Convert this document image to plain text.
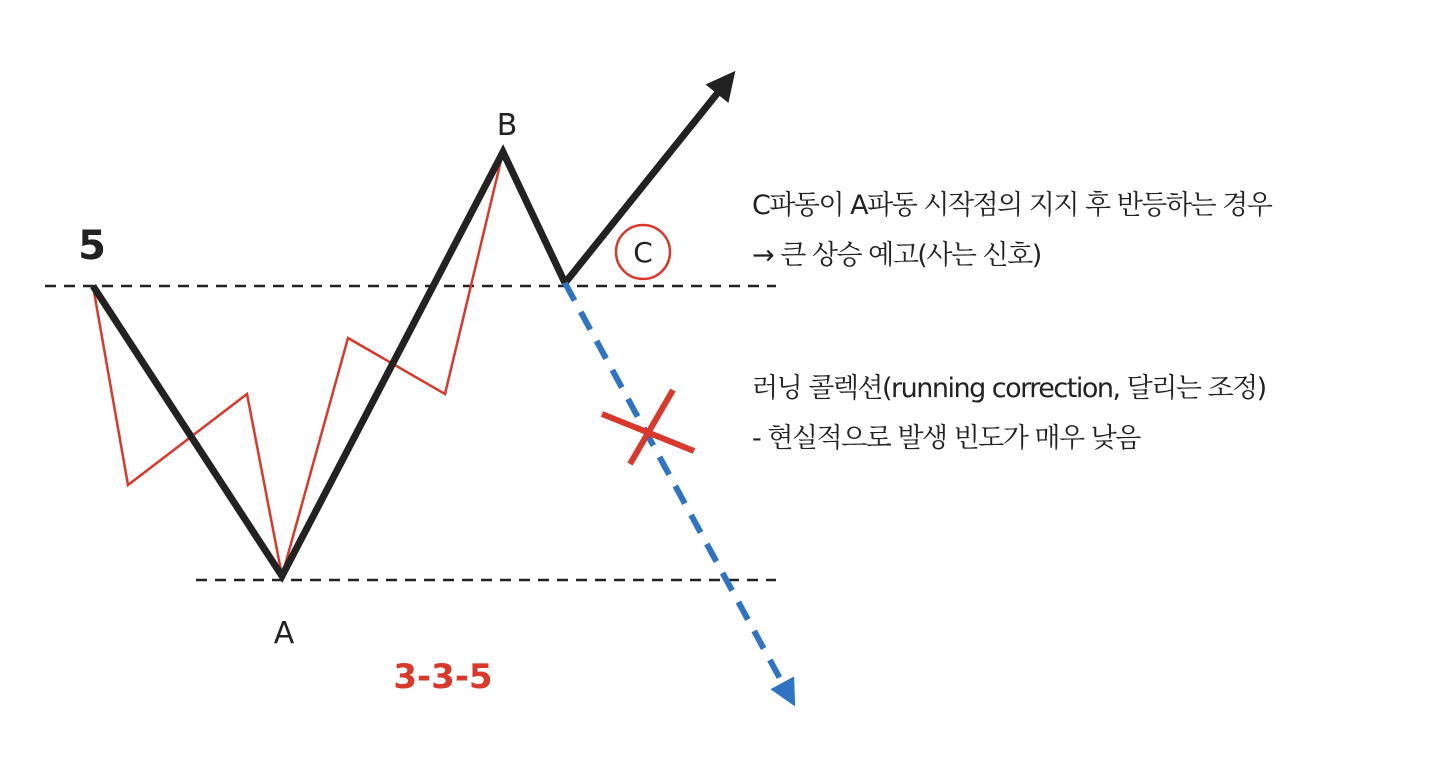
C
5
A
B
3-3-5
C파동이 A파동 시작점의 지지 후 반등하는 경우
→ 큰 상승 예고(사는 신호)
러닝 콜렉션(running correction, 달리는 조정)
- 현실적으로 발생 빈도가 매우 낮음
